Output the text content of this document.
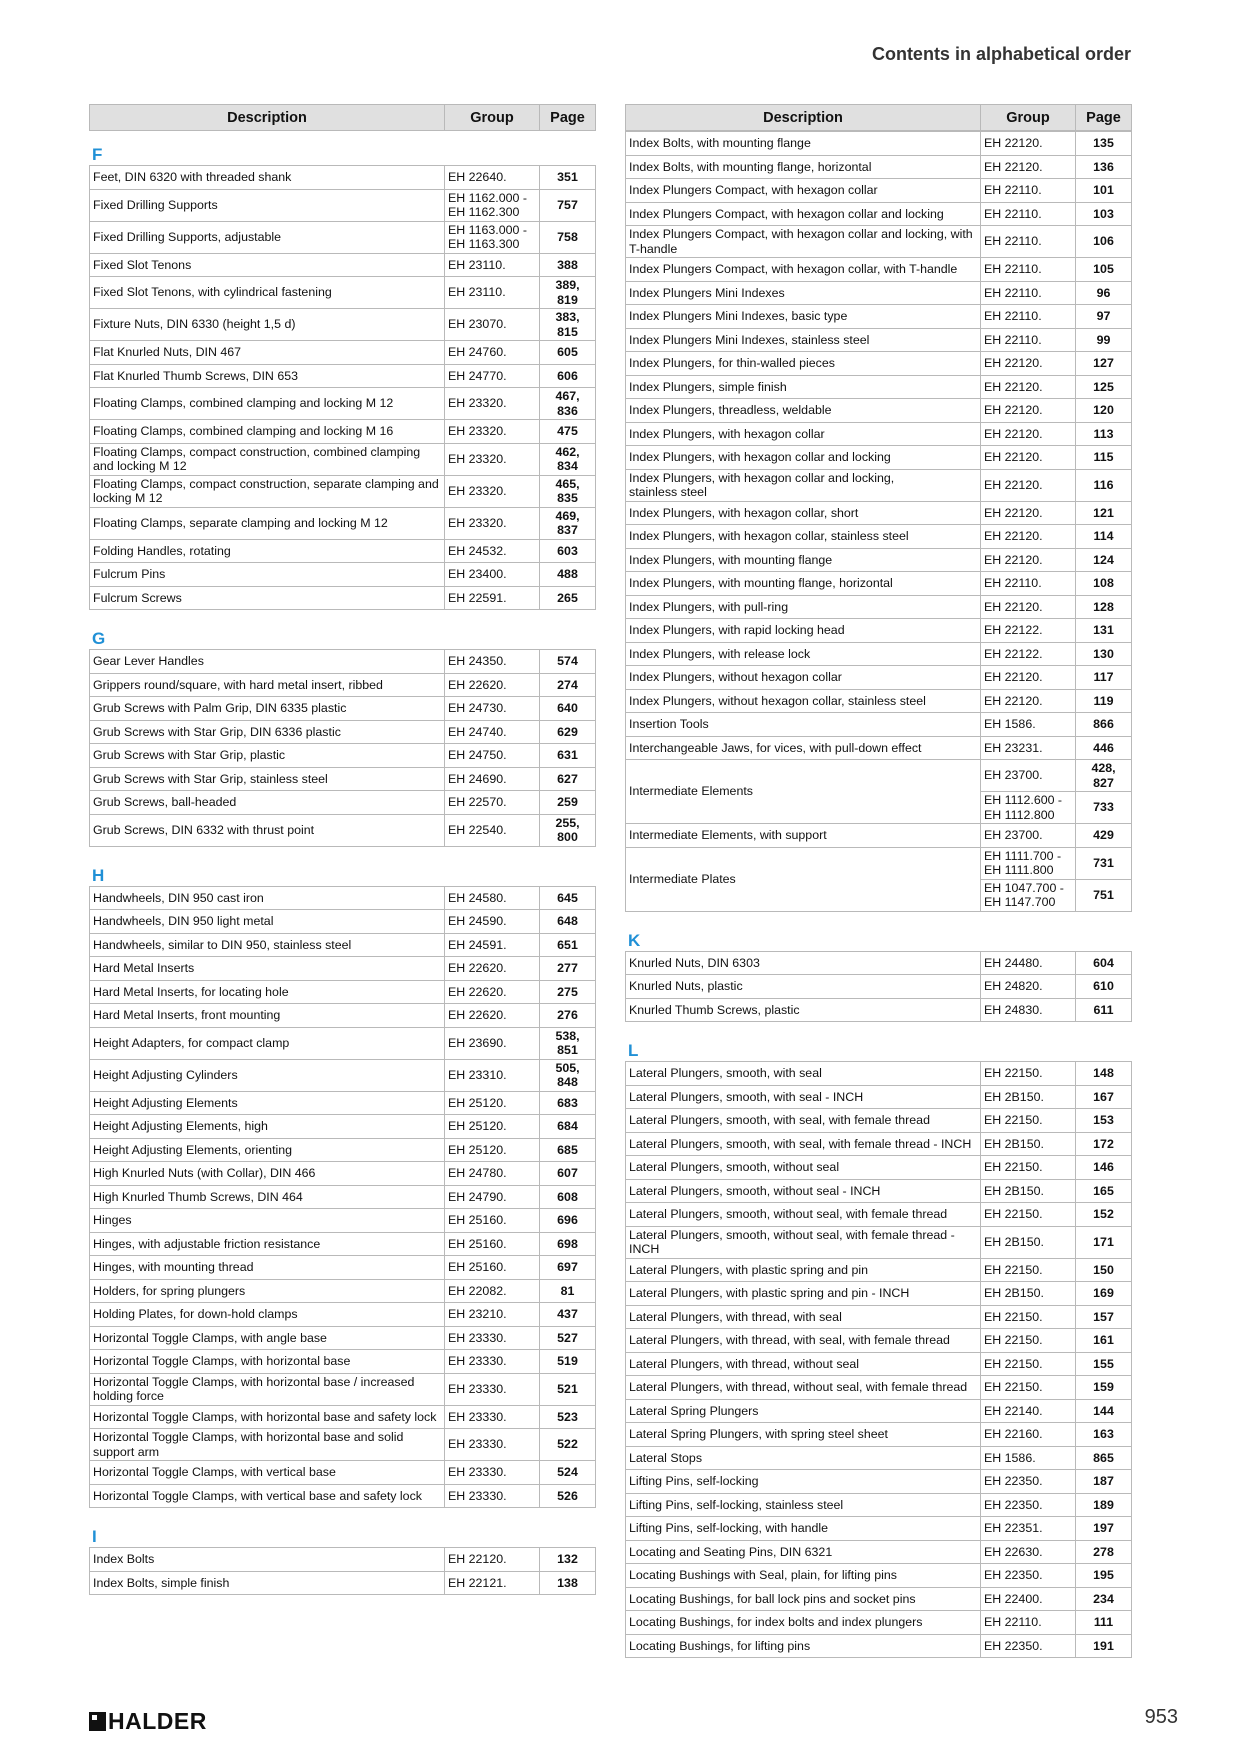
Contents in alphabetical order
Description	Group	Page
F
Feet, DIN 6320 with threaded shank	EH 22640.	351
Fixed Drilling Supports	EH 1162.000 -
EH 1162.300	757
Fixed Drilling Supports, adjustable	EH 1163.000 -
EH 1163.300	758
Fixed Slot Tenons	EH 23110.	388
Fixed Slot Tenons, with cylindrical fastening	EH 23110.	389,
819
Fixture Nuts, DIN 6330 (height 1,5 d)	EH 23070.	383,
815
Flat Knurled Nuts, DIN 467	EH 24760.	605
Flat Knurled Thumb Screws, DIN 653	EH 24770.	606
Floating Clamps, combined clamping and locking M 12	EH 23320.	467,
836
Floating Clamps, combined clamping and locking M 16	EH 23320.	475
Floating Clamps, compact construction, combined clamping and locking M 12	EH 23320.	462,
834
Floating Clamps, compact construction, separate clamping and locking M 12	EH 23320.	465,
835
Floating Clamps, separate clamping and locking M 12	EH 23320.	469,
837
Folding Handles, rotating	EH 24532.	603
Fulcrum Pins	EH 23400.	488
Fulcrum Screws	EH 22591.	265
G
Gear Lever Handles	EH 24350.	574
Grippers round/square, with hard metal insert, ribbed	EH 22620.	274
Grub Screws with Palm Grip, DIN 6335 plastic	EH 24730.	640
Grub Screws with Star Grip, DIN 6336 plastic	EH 24740.	629
Grub Screws with Star Grip, plastic	EH 24750.	631
Grub Screws with Star Grip, stainless steel	EH 24690.	627
Grub Screws, ball-headed	EH 22570.	259
Grub Screws, DIN 6332 with thrust point	EH 22540.	255,
800
H
Handwheels, DIN 950 cast iron	EH 24580.	645
Handwheels, DIN 950 light metal	EH 24590.	648
Handwheels, similar to DIN 950, stainless steel	EH 24591.	651
Hard Metal Inserts	EH 22620.	277
Hard Metal Inserts, for locating hole	EH 22620.	275
Hard Metal Inserts, front mounting	EH 22620.	276
Height Adapters, for compact clamp	EH 23690.	538,
851
Height Adjusting Cylinders	EH 23310.	505,
848
Height Adjusting Elements	EH 25120.	683
Height Adjusting Elements, high	EH 25120.	684
Height Adjusting Elements, orienting	EH 25120.	685
High Knurled Nuts (with Collar), DIN 466	EH 24780.	607
High Knurled Thumb Screws, DIN 464	EH 24790.	608
Hinges	EH 25160.	696
Hinges, with adjustable friction resistance	EH 25160.	698
Hinges, with mounting thread	EH 25160.	697
Holders, for spring plungers	EH 22082.	81
Holding Plates, for down-hold clamps	EH 23210.	437
Horizontal Toggle Clamps, with angle base	EH 23330.	527
Horizontal Toggle Clamps, with horizontal base	EH 23330.	519
Horizontal Toggle Clamps, with horizontal base / increased holding force	EH 23330.	521
Horizontal Toggle Clamps, with horizontal base and safety lock	EH 23330.	523
Horizontal Toggle Clamps, with horizontal base and solid support arm	EH 23330.	522
Horizontal Toggle Clamps, with vertical base	EH 23330.	524
Horizontal Toggle Clamps, with vertical base and safety lock	EH 23330.	526
I
Index Bolts	EH 22120.	132
Index Bolts, simple finish	EH 22121.	138
Description	Group	Page
Index Bolts, with mounting flange	EH 22120.	135
Index Bolts, with mounting flange, horizontal	EH 22120.	136
Index Plungers Compact, with hexagon collar	EH 22110.	101
Index Plungers Compact, with hexagon collar and locking	EH 22110.	103
Index Plungers Compact, with hexagon collar and locking, with T-handle	EH 22110.	106
Index Plungers Compact, with hexagon collar, with T-handle	EH 22110.	105
Index Plungers Mini Indexes	EH 22110.	96
Index Plungers Mini Indexes, basic type	EH 22110.	97
Index Plungers Mini Indexes, stainless steel	EH 22110.	99
Index Plungers, for thin-walled pieces	EH 22120.	127
Index Plungers, simple finish	EH 22120.	125
Index Plungers, threadless, weldable	EH 22120.	120
Index Plungers, with hexagon collar	EH 22120.	113
Index Plungers, with hexagon collar and locking	EH 22120.	115
Index Plungers, with hexagon collar and locking,
stainless steel	EH 22120.	116
Index Plungers, with hexagon collar, short	EH 22120.	121
Index Plungers, with hexagon collar, stainless steel	EH 22120.	114
Index Plungers, with mounting flange	EH 22120.	124
Index Plungers, with mounting flange, horizontal	EH 22110.	108
Index Plungers, with pull-ring	EH 22120.	128
Index Plungers, with rapid locking head	EH 22122.	131
Index Plungers, with release lock	EH 22122.	130
Index Plungers, without hexagon collar	EH 22120.	117
Index Plungers, without hexagon collar, stainless steel	EH 22120.	119
Insertion Tools	EH 1586.	866
Interchangeable Jaws, for vices, with pull-down effect	EH 23231.	446
Intermediate Elements	EH 23700.	428,
827
	EH 1112.600 -
EH 1112.800	733
Intermediate Elements, with support	EH 23700.	429
Intermediate Plates	EH 1111.700 -
EH 1111.800	731
	EH 1047.700 -
EH 1147.700	751
K
Knurled Nuts, DIN 6303	EH 24480.	604
Knurled Nuts, plastic	EH 24820.	610
Knurled Thumb Screws, plastic	EH 24830.	611
L
Lateral Plungers, smooth, with seal	EH 22150.	148
Lateral Plungers, smooth, with seal - INCH	EH 2B150.	167
Lateral Plungers, smooth, with seal, with female thread	EH 22150.	153
Lateral Plungers, smooth, with seal, with female thread - INCH	EH 2B150.	172
Lateral Plungers, smooth, without seal	EH 22150.	146
Lateral Plungers, smooth, without seal - INCH	EH 2B150.	165
Lateral Plungers, smooth, without seal, with female thread	EH 22150.	152
Lateral Plungers, smooth, without seal, with female thread -
INCH	EH 2B150.	171
Lateral Plungers, with plastic spring and pin	EH 22150.	150
Lateral Plungers, with plastic spring and pin - INCH	EH 2B150.	169
Lateral Plungers, with thread, with seal	EH 22150.	157
Lateral Plungers, with thread, with seal, with female thread	EH 22150.	161
Lateral Plungers, with thread, without seal	EH 22150.	155
Lateral Plungers, with thread, without seal, with female thread	EH 22150.	159
Lateral Spring Plungers	EH 22140.	144
Lateral Spring Plungers, with spring steel sheet	EH 22160.	163
Lateral Stops	EH 1586.	865
Lifting Pins, self-locking	EH 22350.	187
Lifting Pins, self-locking, stainless steel	EH 22350.	189
Lifting Pins, self-locking, with handle	EH 22351.	197
Locating and Seating Pins, DIN 6321	EH 22630.	278
Locating Bushings with Seal, plain, for lifting pins	EH 22350.	195
Locating Bushings, for ball lock pins and socket pins	EH 22400.	234
Locating Bushings, for index bolts and index plungers	EH 22110.	111
Locating Bushings, for lifting pins	EH 22350.	191
HALDER	953
